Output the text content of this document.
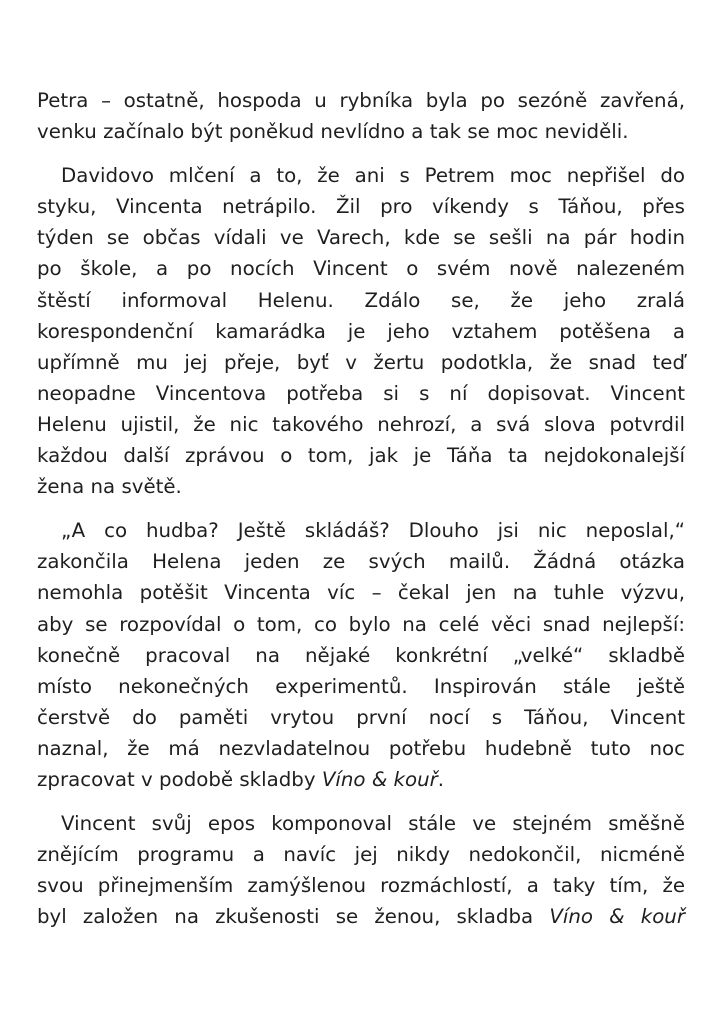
Petra – ostatně, hospoda u rybníka byla po sezóně zavřená,
venku začínalo být poněkud nevlídno a tak se moc neviděli.

Davidovo mlčení a to, že ani s Petrem moc nepřišel do
styku, Vincenta netrápilo. Žil pro víkendy s Táňou, přes
týden se občas vídali ve Varech, kde se sešli na pár hodin
po škole, a po nocích Vincent o svém nově nalezeném
štěstí informoval Helenu. Zdálo se, že jeho zralá
korespondenční kamarádka je jeho vztahem potěšena a
upřímně mu jej přeje, byť v žertu podotkla, že snad teď
neopadne Vincentova potřeba si s ní dopisovat. Vincent
Helenu ujistil, že nic takového nehrozí, a svá slova potvrdil
každou další zprávou o tom, jak je Táňa ta nejdokonalejší
žena na světě.

„A co hudba? Ještě skládáš? Dlouho jsi nic neposlal,“
zakončila Helena jeden ze svých mailů. Žádná otázka
nemohla potěšit Vincenta víc – čekal jen na tuhle výzvu,
aby se rozpovídal o tom, co bylo na celé věci snad nejlepší:
konečně pracoval na nějaké konkrétní „velké“ skladbě
místo nekonečných experimentů. Inspirován stále ještě
čerstvě do paměti vrytou první nocí s Táňou, Vincent
naznal, že má nezvladatelnou potřebu hudebně tuto noc
zpracovat v podobě skladby Víno & kouř.

Vincent svůj epos komponoval stále ve stejném směšně
znějícím programu a navíc jej nikdy nedokončil, nicméně
svou přinejmenším zamýšlenou rozmáchlostí, a taky tím, že
byl založen na zkušenosti se ženou, skladba Víno & kouř
